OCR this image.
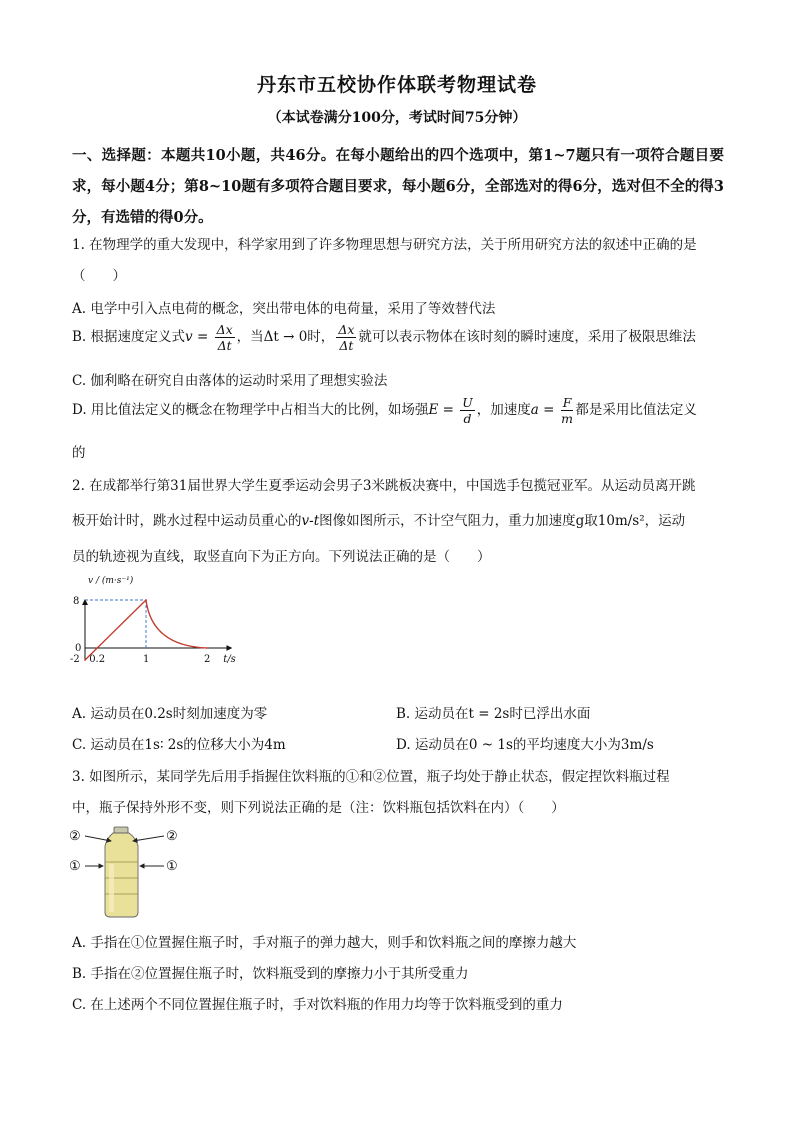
丹东市五校协作体联考物理试卷
（本试卷满分100分，考试时间75分钟）
一、选择题：本题共10小题，共46分。在每小题给出的四个选项中，第1~7题只有一项符合题目要求，每小题4分；第8~10题有多项符合题目要求，每小题6分，全部选对的得6分，选对但不全的得3分，有选错的得0分。
1. 在物理学的重大发现中，科学家用到了许多物理思想与研究方法，关于所用研究方法的叙述中正确的是
（　　）
A. 电学中引入点电荷的概念，突出带电体的电荷量，采用了等效替代法
B. 根据速度定义式$v = \frac{\Delta x}{\Delta t}$ ，当Δt → 0时， $\frac{\Delta x}{\Delta t}$ 就可以表示物体在该时刻的瞬时速度，采用了极限思维法
C. 伽利略在研究自由落体的运动时采用了理想实验法
D. 用比值法定义的概念在物理学中占相当大的比例，如场强$E = \frac{U}{d}$ ，加速度$a = \frac{F}{m}$ 都是采用比值法定义
的
2. 在成都举行第31届世界大学生夏季运动会男子3米跳板决赛中，中国选手包揽冠亚军。从运动员离开跳
板开始计时，跳水过程中运动员重心的v-t图像如图所示，不计空气阻力，重力加速度g取10m/s²，运动
员的轨迹视为直线，取竖直向下为正方向。下列说法正确的是（　　）
8
0
-2 0.2	1	2
v / (m·s⁻¹)
t/s
A. 运动员在0.2s时刻加速度为零	B. 运动员在t = 2s时已浮出水面
C. 运动员在1s∶ 2s的位移大小为4m	D. 运动员在0 ~ 1s的平均速度大小为3m/s
3. 如图所示，某同学先后用手指握住饮料瓶的①和②位置，瓶子均处于静止状态，假定捏饮料瓶过程
中，瓶子保持外形不变，则下列说法正确的是（注：饮料瓶包括饮料在内）（　　）
②	②
①	①
A. 手指在①位置握住瓶子时，手对瓶子的弹力越大，则手和饮料瓶之间的摩擦力越大
B. 手指在②位置握住瓶子时，饮料瓶受到的摩擦力小于其所受重力
C. 在上述两个不同位置握住瓶子时，手对饮料瓶的作用力均等于饮料瓶受到的重力
